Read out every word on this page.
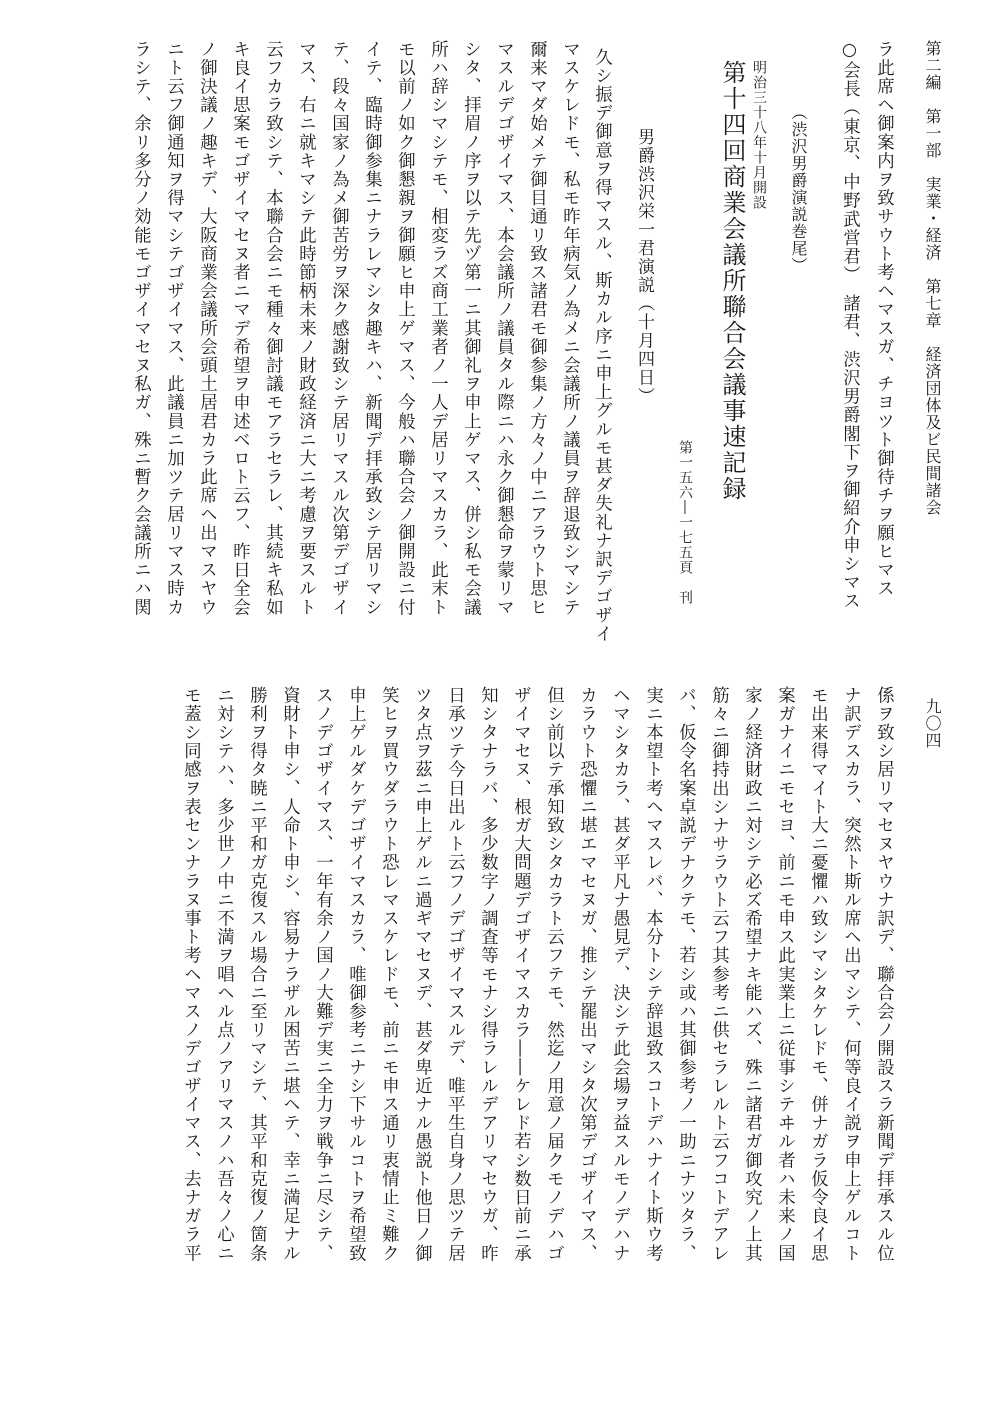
第二編　第一部　実業・経済　第七章　経済団体及ビ民間諸会
九〇四
ラ此席ヘ御案内ヲ致サウト考ヘマスガ、チヨツト御待チヲ願ヒマス
○会長（東京、中野武営君）　諸君、渋沢男爵閣下ヲ御紹介申シマス
（渋沢男爵演説巻尾）
明治三十八年十月開設
第十四回商業会議所聯合会議事速記録
第一五六―一七五頁　刊
男爵渋沢栄一君演説（十月四日）
久シ振デ御意ヲ得マスル、斯カル序ニ申上グルモ甚ダ失礼ナ訳デゴザイ
マスケレドモ、私モ昨年病気ノ為メニ会議所ノ議員ヲ辞退致シマシテ
爾来マダ始メテ御目通リ致ス諸君モ御参集ノ方々ノ中ニアラウト思ヒ
マスルデゴザイマス、本会議所ノ議員タル際ニハ永ク御懇命ヲ蒙リマ
シタ、拝眉ノ序ヲ以テ先ヅ第一ニ其御礼ヲ申上ゲマス、併シ私モ会議
所ハ辞シマシテモ、相変ラズ商工業者ノ一人デ居リマスカラ、此末ト
モ以前ノ如ク御懇親ヲ御願ヒ申上ゲマス、今般ハ聯合会ノ御開設ニ付
イテ、臨時御参集ニナラレマシタ趣キハ、新聞デ拝承致シテ居リマシ
テ、段々国家ノ為メ御苦労ヲ深ク感謝致シテ居リマスル次第デゴザイ
マス、右ニ就キマシテ此時節柄未来ノ財政経済ニ大ニ考慮ヲ要スルト
云フカラ致シテ、本聯合会ニモ種々御討議モアラセラレ、其続キ私如
キ良イ思案モゴザイマセヌ者ニマデ希望ヲ申述ベロト云フ、昨日全会
ノ御決議ノ趣キデ、大阪商業会議所会頭土居君カラ此席ヘ出マスヤウ
ニト云フ御通知ヲ得マシテゴザイマス、此議員ニ加ツテ居リマス時カ
ラシテ、余リ多分ノ効能モゴザイマセヌ私ガ、殊ニ暫ク会議所ニハ関
係ヲ致シ居リマセヌヤウナ訳デ、聯合会ノ開設スラ新聞デ拝承スル位
ナ訳デスカラ、突然ト斯ル席ヘ出マシテ、何等良イ説ヲ申上ゲルコト
モ出来得マイト大ニ憂懼ハ致シマシタケレドモ、併ナガラ仮令良イ思
案ガナイニモセヨ、前ニモ申ス此実業上ニ従事シテヰル者ハ未来ノ国
家ノ経済財政ニ対シテ必ズ希望ナキ能ハズ、殊ニ諸君ガ御攻究ノ上其
筋々ニ御持出シナサラウト云フ其参考ニ供セラレルト云フコトデアレ
バ、仮令名案卓説デナクテモ、若シ或ハ其御参考ノ一助ニナツタラ、
実ニ本望ト考ヘマスレバ、本分トシテ辞退致スコトデハナイト斯ウ考
ヘマシタカラ、甚ダ平凡ナ愚見デ、決シテ此会場ヲ益スルモノデハナ
カラウト恐懼ニ堪エマセヌガ、推シテ罷出マシタ次第デゴザイマス、
但シ前以テ承知致シタカラト云フテモ、然迄ノ用意ノ届クモノデハゴ
ザイマセヌ、根ガ大問題デゴザイマスカラ――ケレド若シ数日前ニ承
知シタナラバ、多少数字ノ調査等モナシ得ラレルデアリマセウガ、昨
日承ツテ今日出ルト云フノデゴザイマスルデ、唯平生自身ノ思ツテ居
ツタ点ヲ茲ニ申上ゲルニ過ギマセヌデ、甚ダ卑近ナル愚説ト他日ノ御
笑ヒヲ買ウダラウト恐レマスケレドモ、前ニモ申ス通リ衷情止ミ難ク
申上ゲルダケデゴザイマスカラ、唯御参考ニナシ下サルコトヲ希望致
スノデゴザイマス、一年有余ノ国ノ大難デ実ニ全力ヲ戦争ニ尽シテ、
資財ト申シ、人命ト申シ、容易ナラザル困苦ニ堪ヘテ、幸ニ満足ナル
勝利ヲ得タ暁ニ平和ガ克復スル場合ニ至リマシテ、其平和克復ノ箇条
ニ対シテハ、多少世ノ中ニ不満ヲ唱ヘル点ノアリマスノハ吾々ノ心ニ
モ蓋シ同感ヲ表センナラヌ事ト考ヘマスノデゴザイマス、去ナガラ平
